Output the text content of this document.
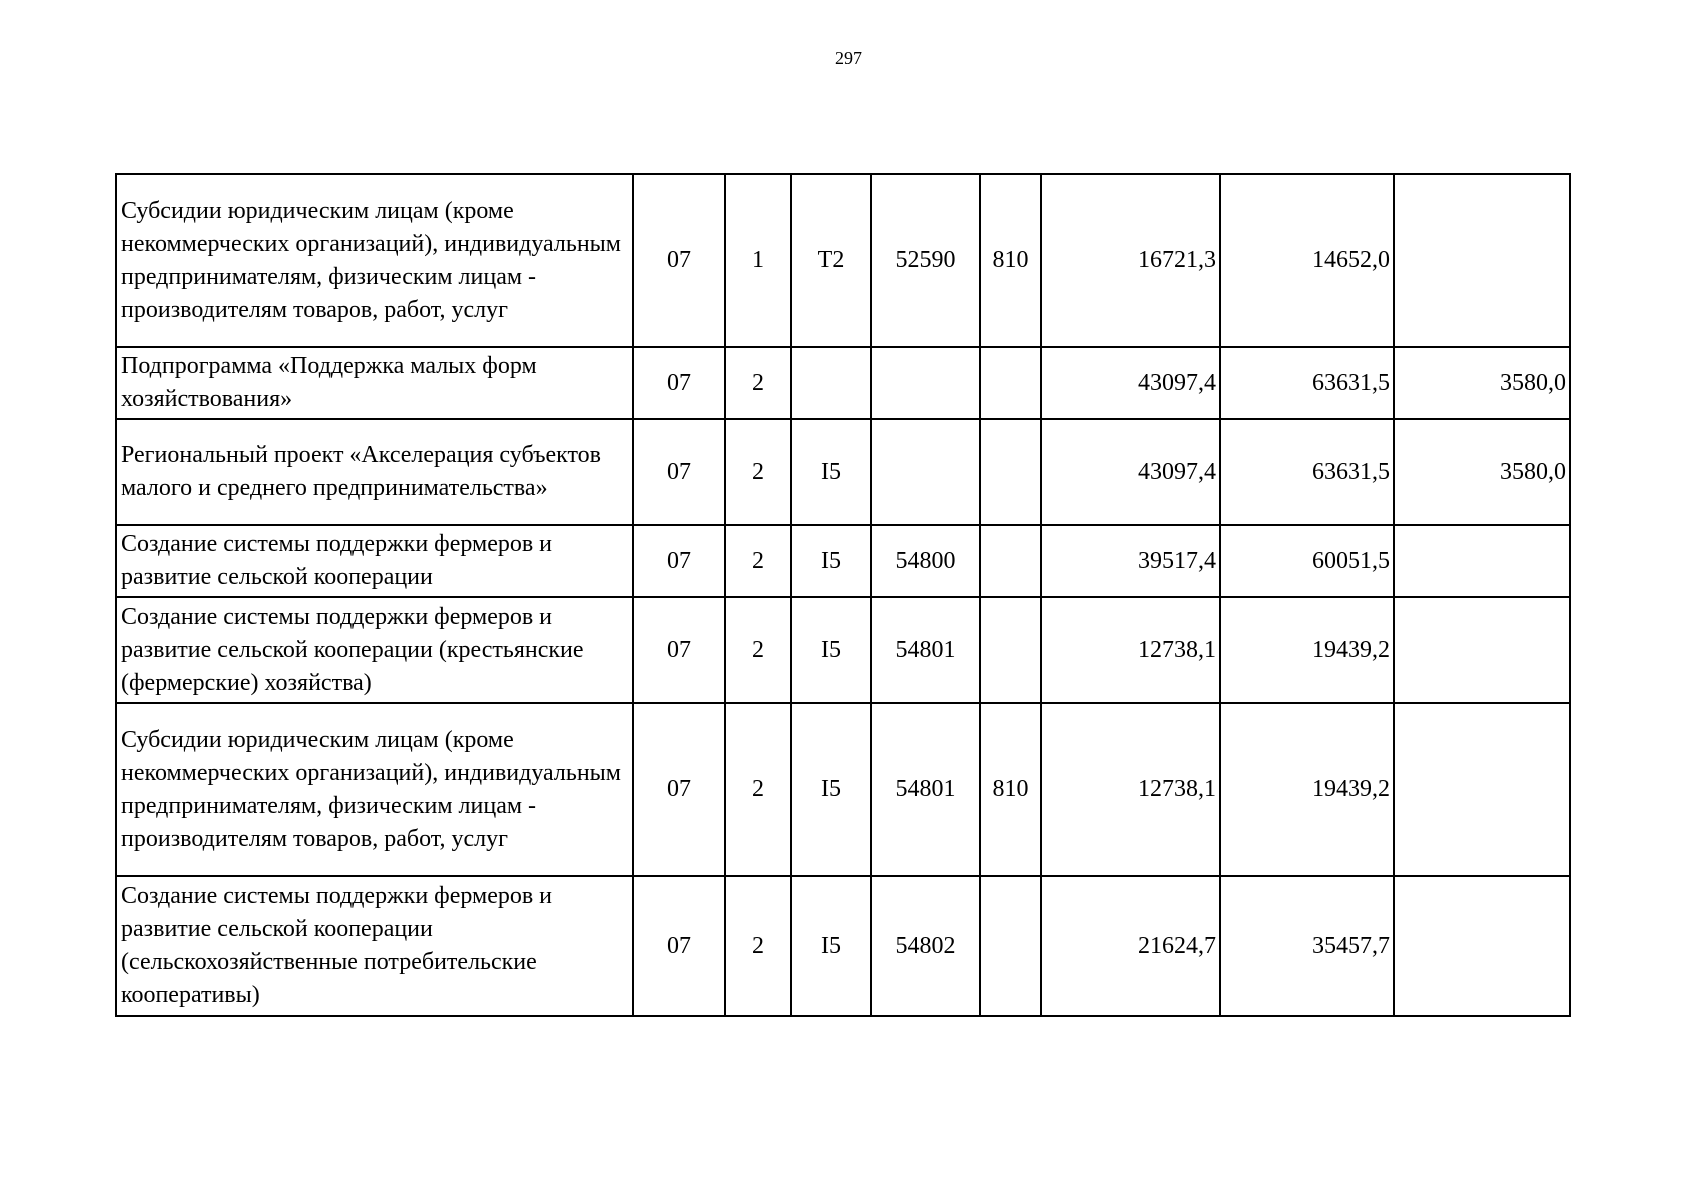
297
Субсидии юридическим лицам (кроме некоммерческих организаций), индивидуальным предпринимателям, физическим лицам - производителям товаров, работ, услуг	07	1	Т2	52590	810	16721,3	14652,0	
Подпрограмма «Поддержка малых форм хозяйствования»	07	2				43097,4	63631,5	3580,0
Региональный проект «Акселерация субъектов малого и среднего предпринимательства»	07	2	I5			43097,4	63631,5	3580,0
Создание системы поддержки фермеров и развитие сельской кооперации	07	2	I5	54800		39517,4	60051,5	
Создание системы поддержки фермеров и развитие сельской кооперации (крестьянские (фермерские) хозяйства)	07	2	I5	54801		12738,1	19439,2	
Субсидии юридическим лицам (кроме некоммерческих организаций), индивидуальным предпринимателям, физическим лицам - производителям товаров, работ, услуг	07	2	I5	54801	810	12738,1	19439,2	
Создание системы поддержки фермеров и развитие сельской кооперации (сельскохозяйственные потребительские кооперативы)	07	2	I5	54802		21624,7	35457,7	
